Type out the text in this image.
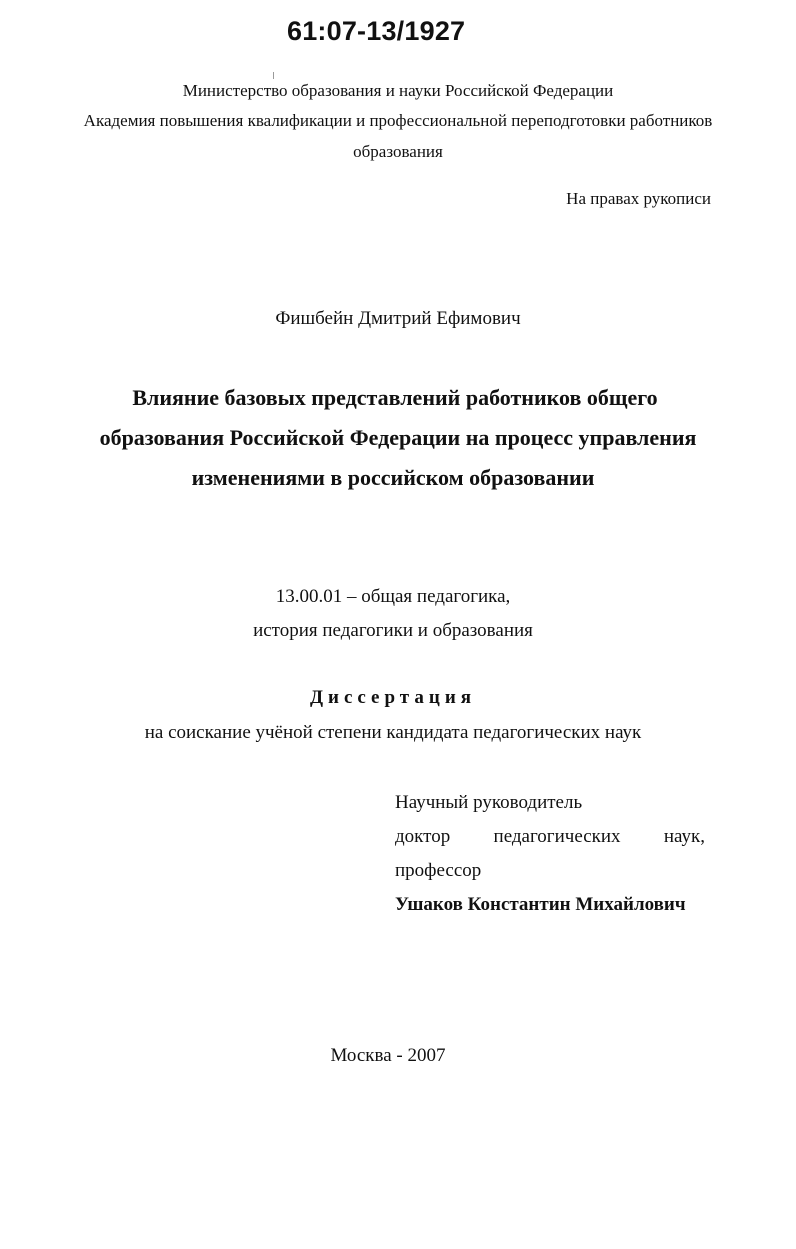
61:07-13/1927
Министерство образования и науки Российской Федерации
Академия повышения квалификации и профессиональной переподготовки работников
образования
На правах рукописи
Фишбейн Дмитрий Ефимович
Влияние базовых представлений работников общего
образования Российской Федерации на процесс управления
изменениями в российском образовании
13.00.01 – общая педагогика,
история педагогики и образования
Диссертация
на соискание учёной степени кандидата педагогических наук
Научный руководитель
доктор педагогических наук,
профессор
Ушаков Константин Михайлович
Москва - 2007
